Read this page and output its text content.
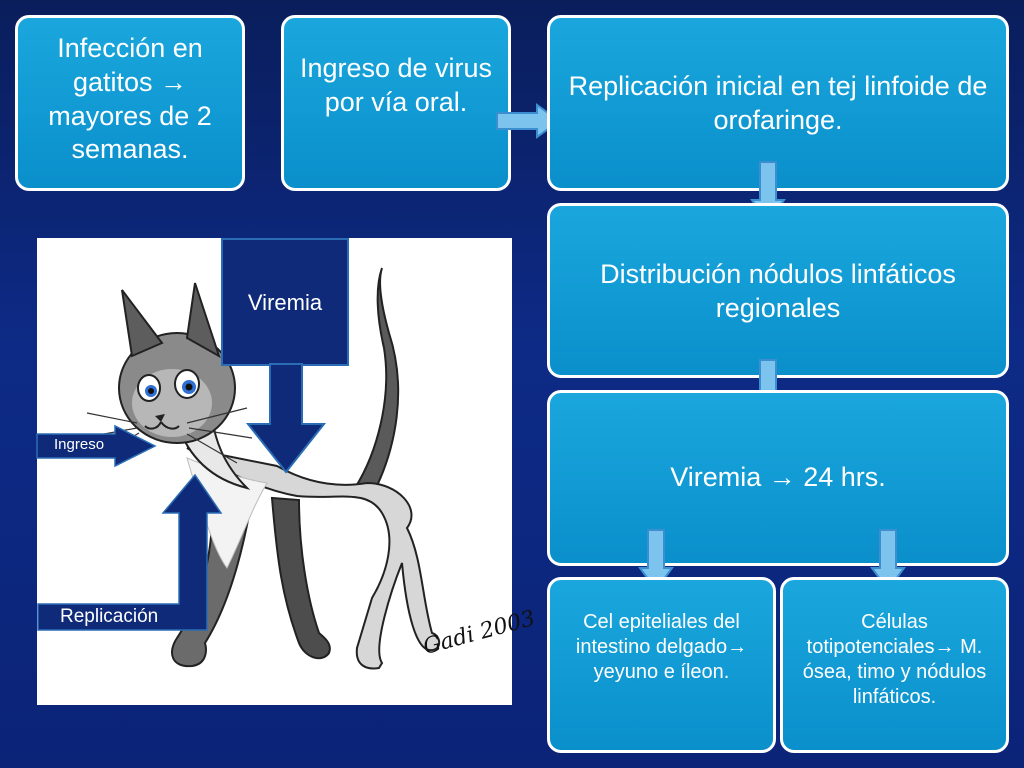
Infección en gatitos → mayores de 2 semanas.
Ingreso de virus por vía oral.
Replicación inicial en tej linfoide de orofaringe.
Distribución nódulos linfáticos regionales
Viremia → 24 hrs.
Cel epiteliales del intestino delgado→ yeyuno e íleon.
Células totipotenciales→ M. ósea, timo y nódulos linfáticos.
Gadi 2003
Viremia
Ingreso
Replicación
